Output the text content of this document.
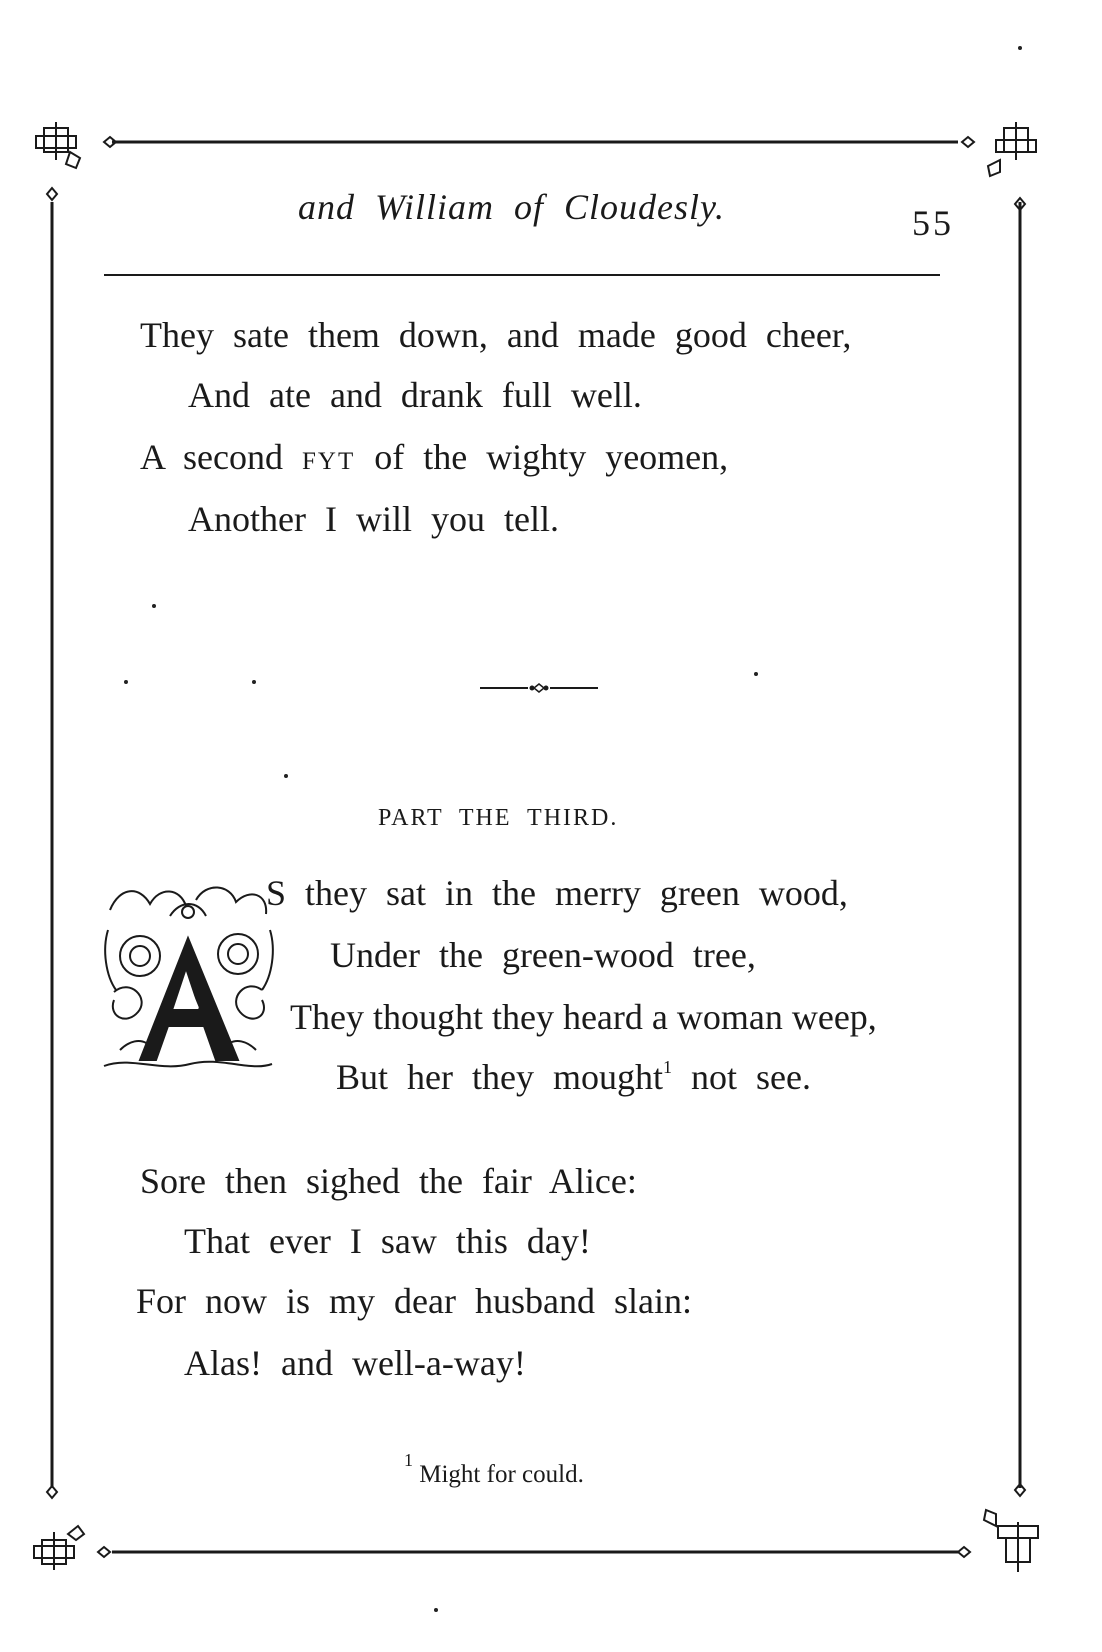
and William of Cloudesly.	55
They sate them down, and made good cheer,
And ate and drank full well.
A second fyt of the wighty yeomen,
Another I will you tell.
PART THE THIRD.
A
S they sat in the merry green wood,
Under the green-wood tree,
They thought they heard a woman weep,
But her they mought$^1$ not see.
Sore then sighed the fair Alice:
That ever I saw this day!
For now is my dear husband slain:
Alas! and well-a-way!
$^1$ Might for could.
